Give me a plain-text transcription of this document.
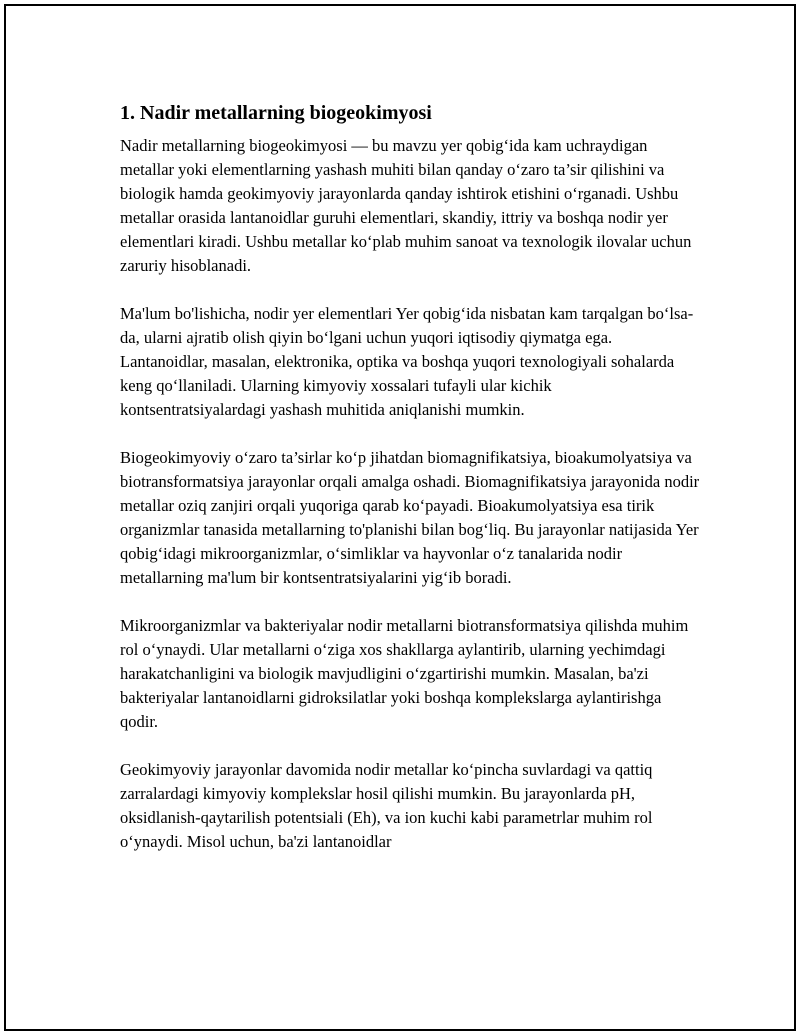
1. Nadir metallarning biogeokimyosi

Nadir metallarning biogeokimyosi — bu mavzu yer qobig‘ida kam uchraydigan metallar yoki elementlarning yashash muhiti bilan qanday o‘zaro ta’sir qilishini va biologik hamda geokimyoviy jarayonlarda qanday ishtirok etishini o‘rganadi. Ushbu metallar orasida lantanoidlar guruhi elementlari, skandiy, ittriy va boshqa nodir yer elementlari kiradi. Ushbu metallar ko‘plab muhim sanoat va texnologik ilovalar uchun zaruriy hisoblanadi.

Ma'lum bo'lishicha, nodir yer elementlari Yer qobig‘ida nisbatan kam tarqalgan bo‘lsa-da, ularni ajratib olish qiyin bo‘lgani uchun yuqori iqtisodiy qiymatga ega. Lantanoidlar, masalan, elektronika, optika va boshqa yuqori texnologiyali sohalarda keng qo‘llaniladi. Ularning kimyoviy xossalari tufayli ular kichik kontsentratsiyalardagi yashash muhitida aniqlanishi mumkin.

Biogeokimyoviy o‘zaro ta’sirlar ko‘p jihatdan biomagnifikatsiya, bioakumolyatsiya va biotransformatsiya jarayonlar orqali amalga oshadi. Biomagnifikatsiya jarayonida nodir metallar oziq zanjiri orqali yuqoriga qarab ko‘payadi. Bioakumolyatsiya esa tirik organizmlar tanasida metallarning to'planishi bilan bog‘liq. Bu jarayonlar natijasida Yer qobig‘idagi mikroorganizmlar, o‘simliklar va hayvonlar o‘z tanalarida nodir metallarning ma'lum bir kontsentratsiyalarini yig‘ib boradi.

Mikroorganizmlar va bakteriyalar nodir metallarni biotransformatsiya qilishda muhim rol o‘ynaydi. Ular metallarni o‘ziga xos shakllarga aylantirib, ularning yechimdagi harakatchanligini va biologik mavjudligini o‘zgartirishi mumkin. Masalan, ba'zi bakteriyalar lantanoidlarni gidroksilatlar yoki boshqa komplekslarga aylantirishga qodir.

Geokimyoviy jarayonlar davomida nodir metallar ko‘pincha suvlardagi va qattiq zarralardagi kimyoviy komplekslar hosil qilishi mumkin. Bu jarayonlarda pH, oksidlanish-qaytarilish potentsiali (Eh), va ion kuchi kabi parametrlar muhim rol o‘ynaydi. Misol uchun, ba'zi lantanoidlar
